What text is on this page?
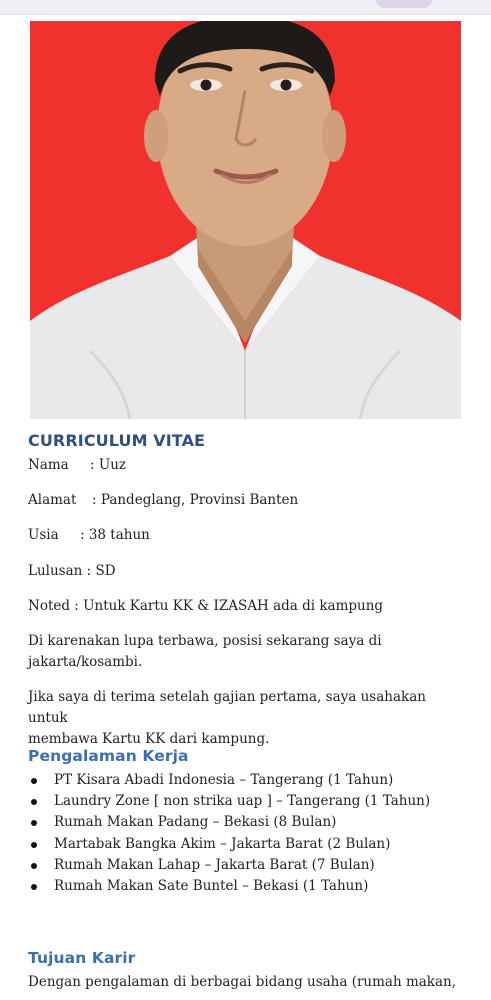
CURRICULUM VITAE
Nama : Uuz
Alamat : Pandeglang, Provinsi Banten
Usia : 38 tahun
Lulusan : SD
Noted : Untuk Kartu KK & IZASAH ada di kampung
Di karenakan lupa terbawa, posisi sekarang saya di
jakarta/kosambi.
Jika saya di terima setelah gajian pertama, saya usahakan untuk
membawa Kartu KK dari kampung.
Pengalaman Kerja
PT Kisara Abadi Indonesia – Tangerang (1 Tahun)
Laundry Zone [ non strika uap ] – Tangerang (1 Tahun)
Rumah Makan Padang – Bekasi (8 Bulan)
Martabak Bangka Akim – Jakarta Barat (2 Bulan)
Rumah Makan Lahap – Jakarta Barat (7 Bulan)
Rumah Makan Sate Buntel – Bekasi (1 Tahun)
Tujuan Karir
Dengan pengalaman di berbagai bidang usaha (rumah makan,
